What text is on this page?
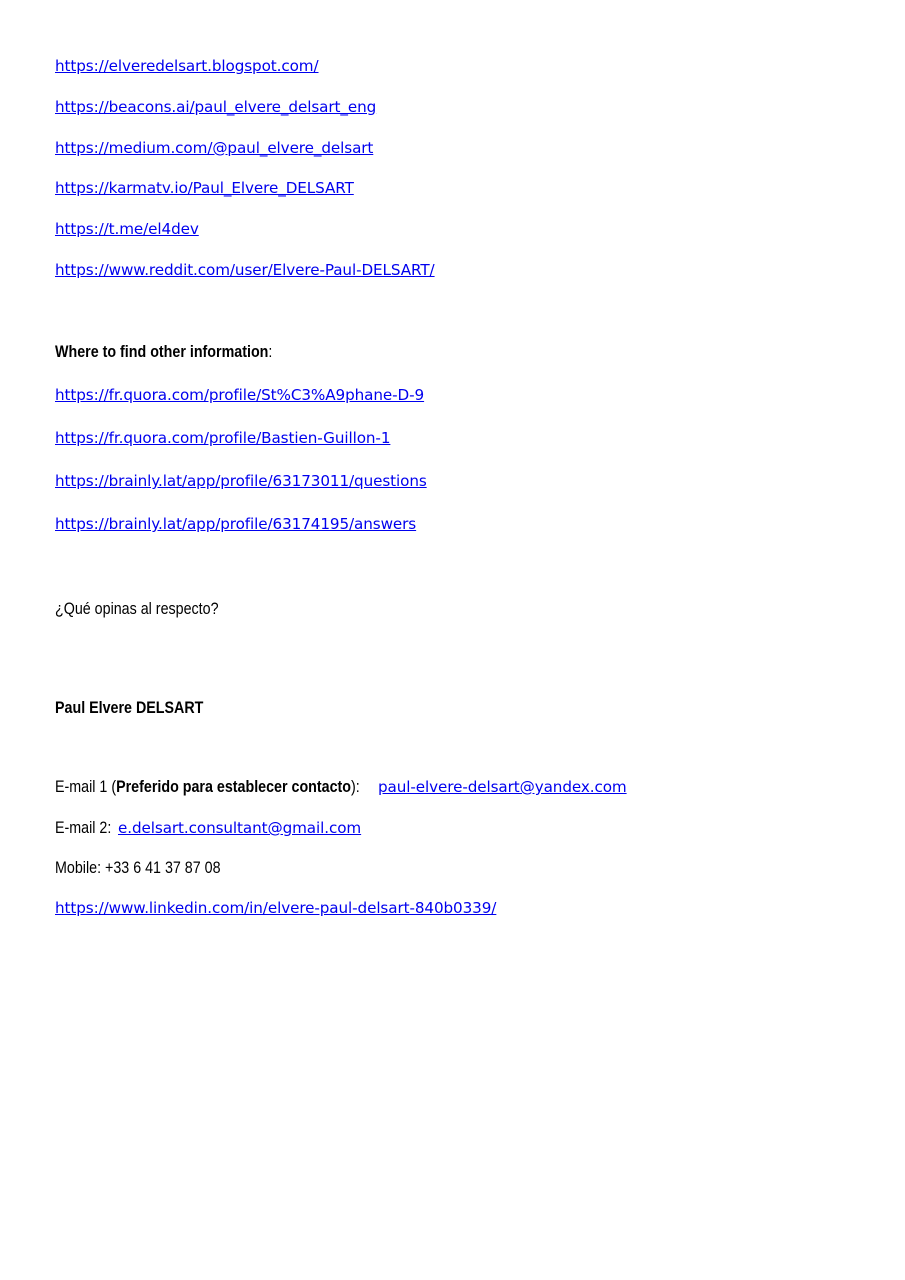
https://elveredelsart.blogspot.com/
https://beacons.ai/paul_elvere_delsart_eng
https://medium.com/@paul_elvere_delsart
https://karmatv.io/Paul_Elvere_DELSART
https://t.me/el4dev
https://www.reddit.com/user/Elvere-Paul-DELSART/
Where to find other information:
https://fr.quora.com/profile/St%C3%A9phane-D-9
https://fr.quora.com/profile/Bastien-Guillon-1
https://brainly.lat/app/profile/63173011/questions
https://brainly.lat/app/profile/63174195/answers
¿Qué opinas al respecto?
Paul Elvere DELSART
E-mail 1 (Preferido para establecer contacto): paul-elvere-delsart@yandex.com
E-mail 2: e.delsart.consultant@gmail.com
Mobile: +33 6 41 37 87 08
https://www.linkedin.com/in/elvere-paul-delsart-840b0339/
